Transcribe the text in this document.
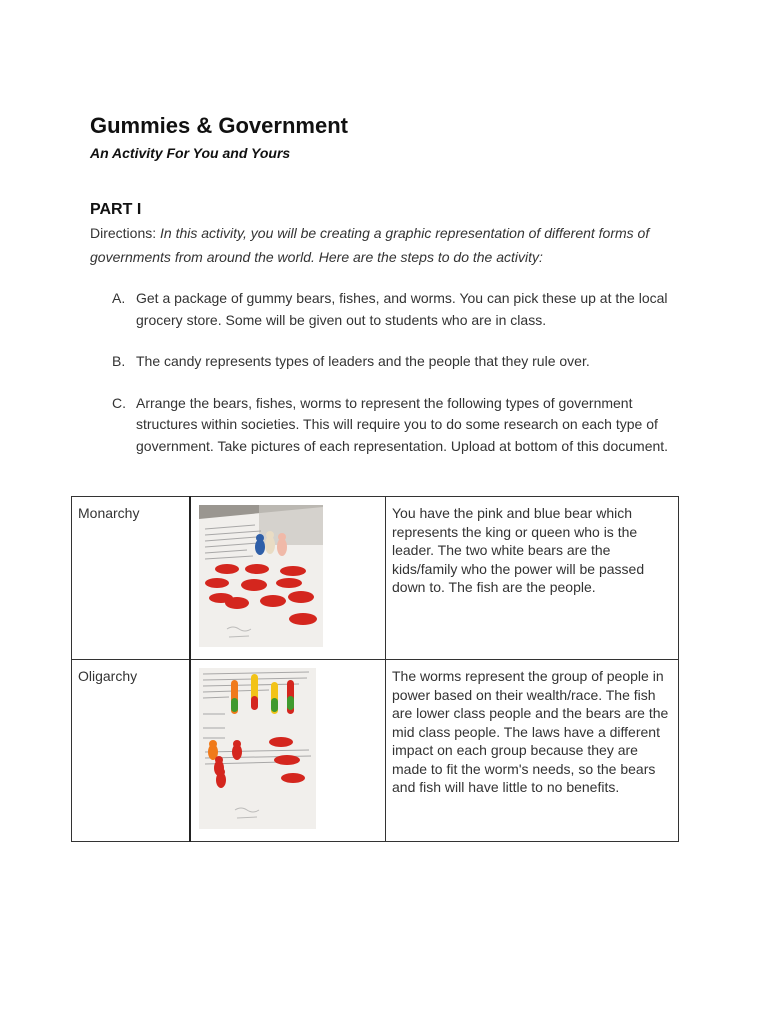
Gummies & Government

An Activity For You and Yours

PART I

Directions: In this activity, you will be creating a graphic representation of different forms of governments from around the world. Here are the steps to do the activity:

A. Get a package of gummy bears, fishes, and worms. You can pick these up at the local grocery store. Some will be given out to students who are in class.
B. The candy represents types of leaders and the people that they rule over.
C. Arrange the bears, fishes, worms to represent the following types of government structures within societies. This will require you to do some research on each type of government. Take pictures of each representation. Upload at bottom of this document.
Monarchy		You have the pink and blue bear which represents the king or queen who is the leader. The two white bears are the kids/family who the power will be passed down to. The fish are the people.
Oligarchy		The worms represent the group of people in power based on their wealth/race. The fish are lower class people and the bears are the mid class people. The laws have a different impact on each group because they are made to fit the worm's needs, so the bears and fish will have little to no benefits.
